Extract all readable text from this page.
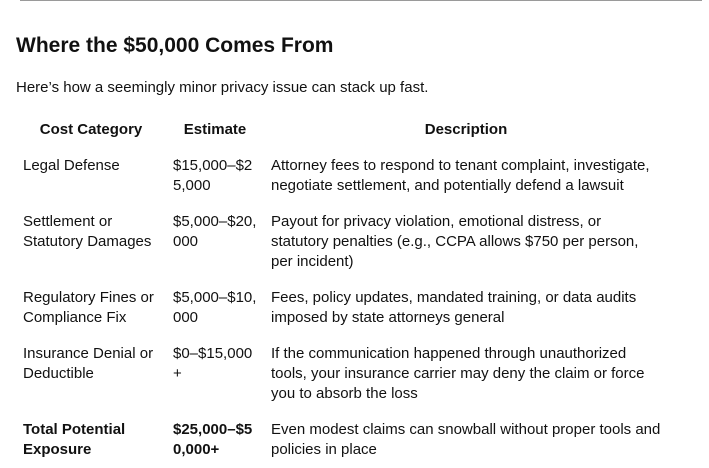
Where the $50,000 Comes From

Here’s how a seemingly minor privacy issue can stack up fast.

Cost Category	Estimate	Description
Legal Defense	$15,000–$25,000	Attorney fees to respond to tenant complaint, investigate, negotiate settlement, and potentially defend a lawsuit
Settlement or Statutory Damages	$5,000–$20,000	Payout for privacy violation, emotional distress, or statutory penalties (e.g., CCPA allows $750 per person, per incident)
Regulatory Fines or Compliance Fix	$5,000–$10,000	Fees, policy updates, mandated training, or data audits imposed by state attorneys general
Insurance Denial or Deductible	$0–$15,000+	If the communication happened through unauthorized tools, your insurance carrier may deny the claim or force you to absorb the loss
Total Potential Exposure	$25,000–$50,000+	Even modest claims can snowball without proper tools and policies in place
